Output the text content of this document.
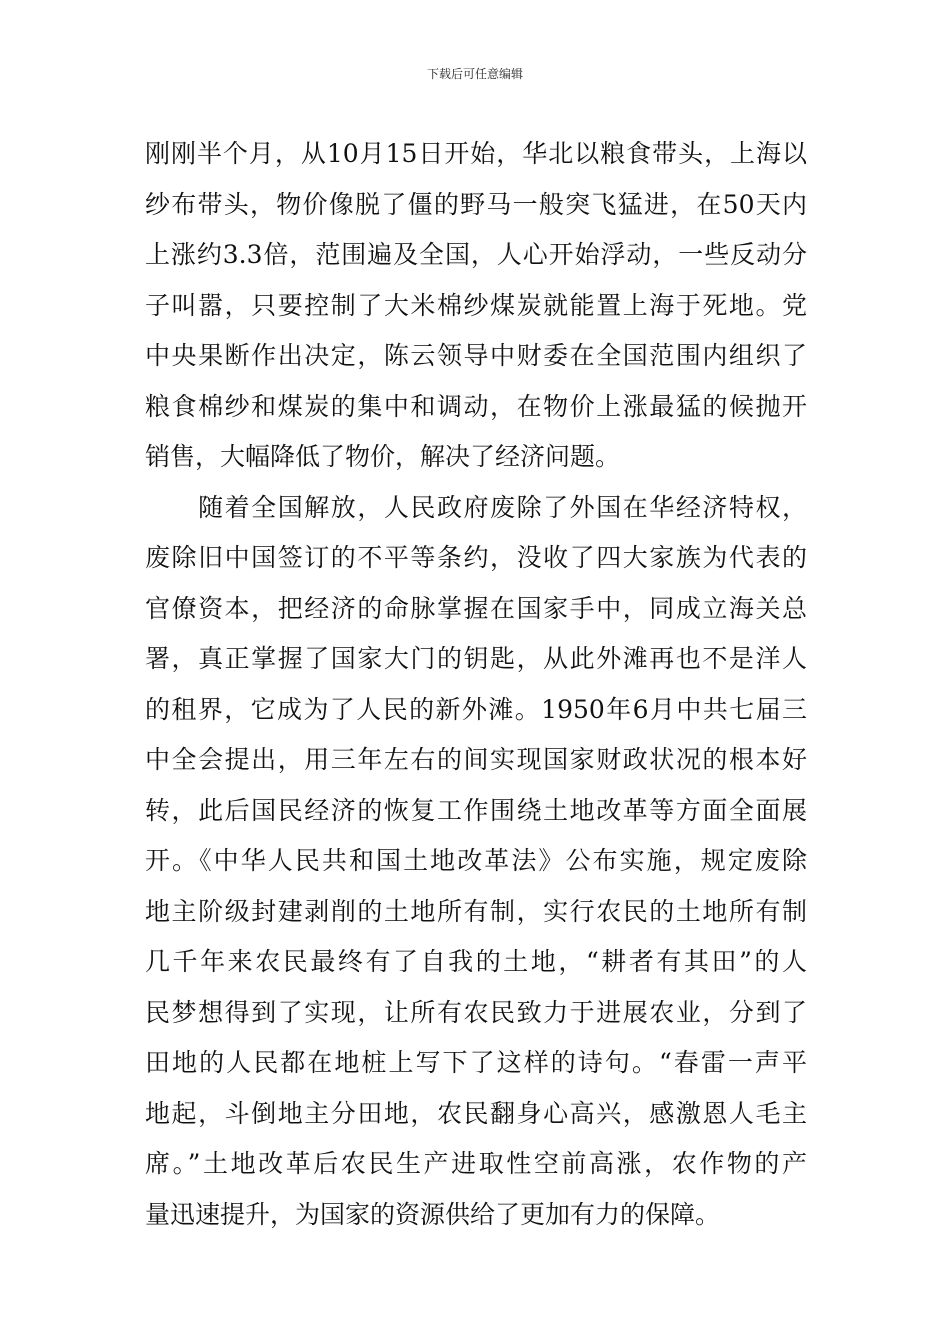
下载后可任意编辑
刚刚半个月，从10月15日开始，华北以粮食带头，上海以
纱布带头，物价像脱了僵的野马一般突飞猛进，在50天内
上涨约3.3倍，范围遍及全国，人心开始浮动，一些反动分
子叫嚣，只要控制了大米棉纱煤炭就能置上海于死地。党
中央果断作出决定，陈云领导中财委在全国范围内组织了
粮食棉纱和煤炭的集中和调动，在物价上涨最猛的候抛开
销售，大幅降低了物价，解决了经济问题。
　　随着全国解放，人民政府废除了外国在华经济特权，
废除旧中国签订的不平等条约，没收了四大家族为代表的
官僚资本，把经济的命脉掌握在国家手中，同成立海关总
署，真正掌握了国家大门的钥匙，从此外滩再也不是洋人
的租界，它成为了人民的新外滩。1950年6月中共七届三
中全会提出，用三年左右的间实现国家财政状况的根本好
转，此后国民经济的恢复工作围绕土地改革等方面全面展
开。《中华人民共和国土地改革法》公布实施，规定废除
地主阶级封建剥削的土地所有制，实行农民的土地所有制
几千年来农民最终有了自我的土地，“耕者有其田”的人
民梦想得到了实现，让所有农民致力于进展农业，分到了
田地的人民都在地桩上写下了这样的诗句。“春雷一声平
地起，斗倒地主分田地，农民翻身心高兴，感激恩人毛主
席。”土地改革后农民生产进取性空前高涨，农作物的产
量迅速提升，为国家的资源供给了更加有力的保障。
